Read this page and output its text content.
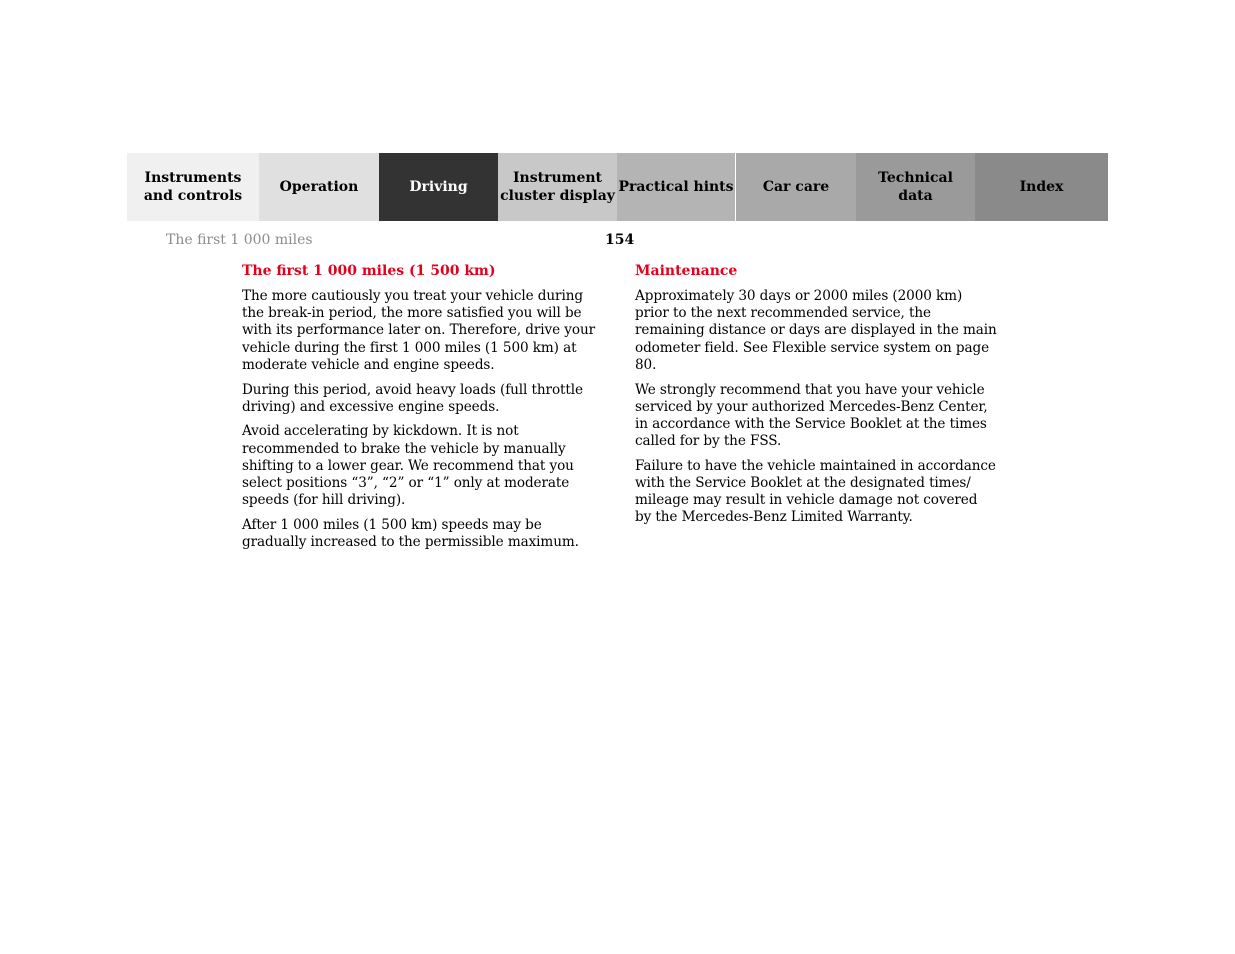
Instruments
and controls
Operation	Driving
Instrument
cluster display
Practical hints Car care
Technical
data
Index
The first 1 000 miles	154
The first 1 000 miles (1 500 km)

The more cautiously you treat your vehicle during the break-in period, the more satisfied you will be with its performance later on. Therefore, drive your vehicle during the first 1 000 miles (1 500 km) at moderate vehicle and engine speeds.

During this period, avoid heavy loads (full throttle driving) and excessive engine speeds.

Avoid accelerating by kickdown. It is not recommended to brake the vehicle by manually shifting to a lower gear. We recommend that you select positions “3”, “2” or “1” only at moderate speeds (for hill driving).

After 1 000 miles (1 500 km) speeds may be gradually increased to the permissible maximum.

Maintenance

Approximately 30 days or 2000 miles (2000 km) prior to the next recommended service, the remaining distance or days are displayed in the main odometer field. See Flexible service system on page 80.

We strongly recommend that you have your vehicle serviced by your authorized Mercedes-Benz Center, in accordance with the Service Booklet at the times called for by the FSS.

Failure to have the vehicle maintained in accordance with the Service Booklet at the designated times/ mileage may result in vehicle damage not covered by the Mercedes-Benz Limited Warranty.
